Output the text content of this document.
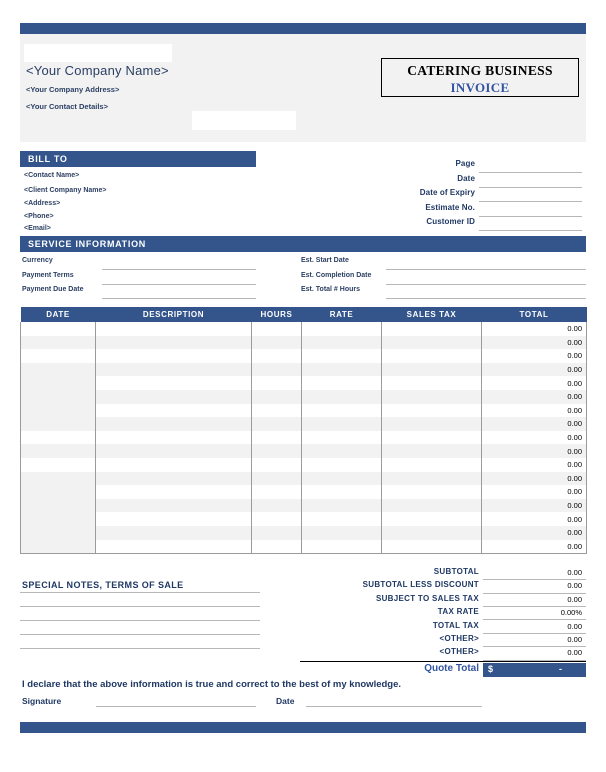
<Your Company Name>
<Your Company Address>
<Your Contact Details>
CATERING BUSINESS
INVOICE
BILL TO
<Contact Name>
<Client Company Name>
<Address>
<Phone>
<Email>
Page
Date
Date of Expiry
Estimate No.
Customer ID
SERVICE INFORMATION
Currency
Payment Terms
Payment Due Date
Est. Start Date
Est. Completion Date
Est. Total # Hours
DATE	DESCRIPTION	HOURS	RATE	SALES TAX	TOTAL
					0.00
					0.00
					0.00
					0.00
					0.00
					0.00
					0.00
					0.00
					0.00
					0.00
					0.00
					0.00
					0.00
					0.00
					0.00
					0.00
					0.00
SPECIAL NOTES, TERMS OF SALE
SUBTOTAL	0.00
SUBTOTAL LESS DISCOUNT	0.00
SUBJECT TO SALES TAX	0.00
TAX RATE	0.00%
TOTAL TAX	0.00
<OTHER>	0.00
<OTHER>	0.00
Quote Total $	-
I declare that the above information is true and correct to the best of my knowledge.
Signature	Date
